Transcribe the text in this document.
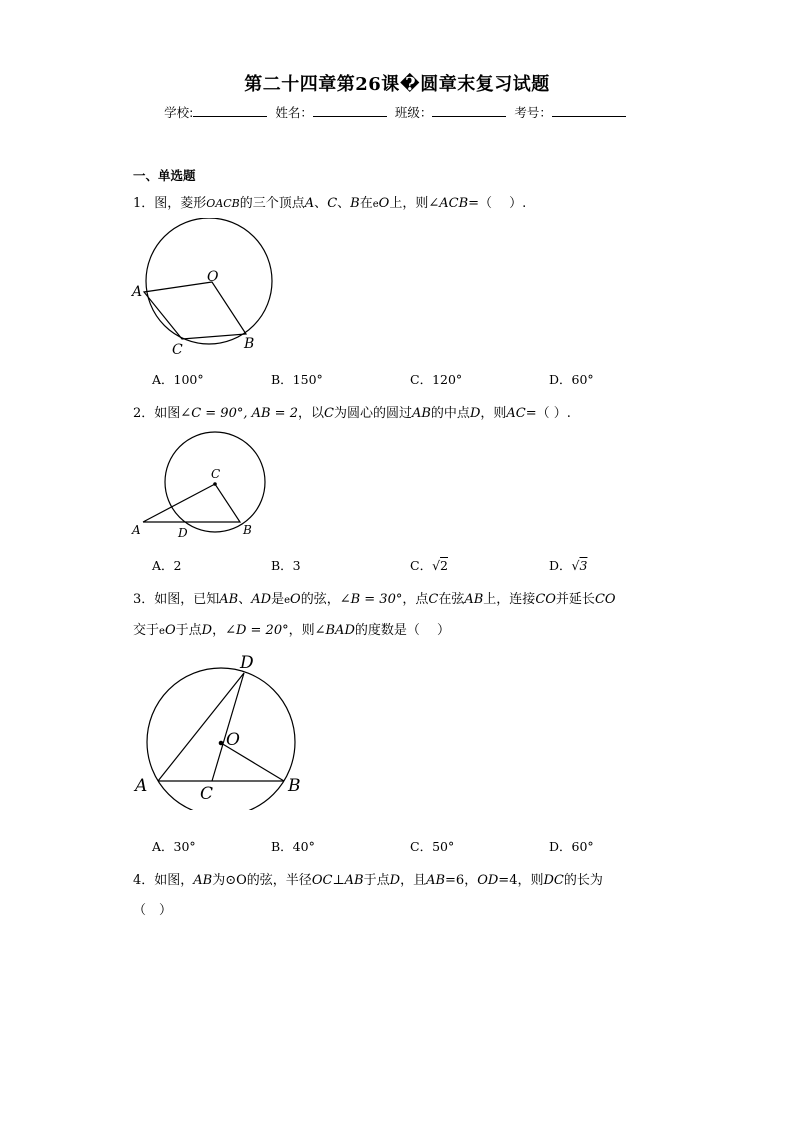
第二十四章第26课�圆章末复习试题
学校:	姓名：	班级：	考号：
一、单选题
1．图，菱形OACB的三个顶点A、C、B在eO上，则∠ACB=（　 ）.
O
A
C	B
A．100°	B．150°	C．120°	D．60°
2．如图∠C = 90°, AB = 2，以C为圆心的圆过AB的中点D，则AC=（ ）.
C
A	D	B
A．2	B．3	C．√2	D．√3
3．如图，已知AB、AD是eO的弦，∠B = 30°，点C在弦AB上，连接CO并延长CO
交于eO于点D，∠D = 20°，则∠BAD的度数是（　 ）
D
O
A	C	B
A．30°	B．40°	C．50°	D．60°
4．如图，AB为⊙O的弦，半径OC⊥AB于点D，且AB=6，OD=4，则DC的长为
（　）
